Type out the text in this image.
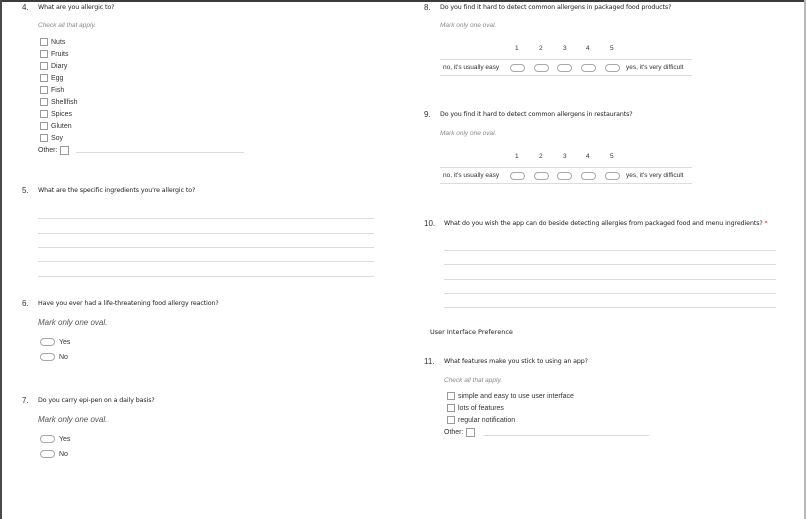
4. What are you allergic to?
Check all that apply.
Nuts
Fruits
Diary
Egg
Fish
Shellfish
Spices
Gluten
Soy
Other:
5. What are the specific ingredients you're allergic to?
6. Have you ever had a life-threatening food allergy reaction?
Mark only one oval.
Yes
No
7. Do you carry epi-pen on a daily basis?
Mark only one oval.
Yes
No
8. Do you find it hard to detect common allergens in packaged food products?
Mark only one oval.
1	2	3	4	5
no, it's usually easy	yes, it's very difficult
9. Do you find it hard to detect common allergens in restaurants?
Mark only one oval.
1	2	3	4	5
no, it's usually easy	yes, it's very difficult
10. What do you wish the app can do beside detecting allergies from packaged food and menu ingredients? *
User Interface Preference
11. What features make you stick to using an app?
Check all that apply.
simple and easy to use user interface
lots of features
regular notification
Other:
